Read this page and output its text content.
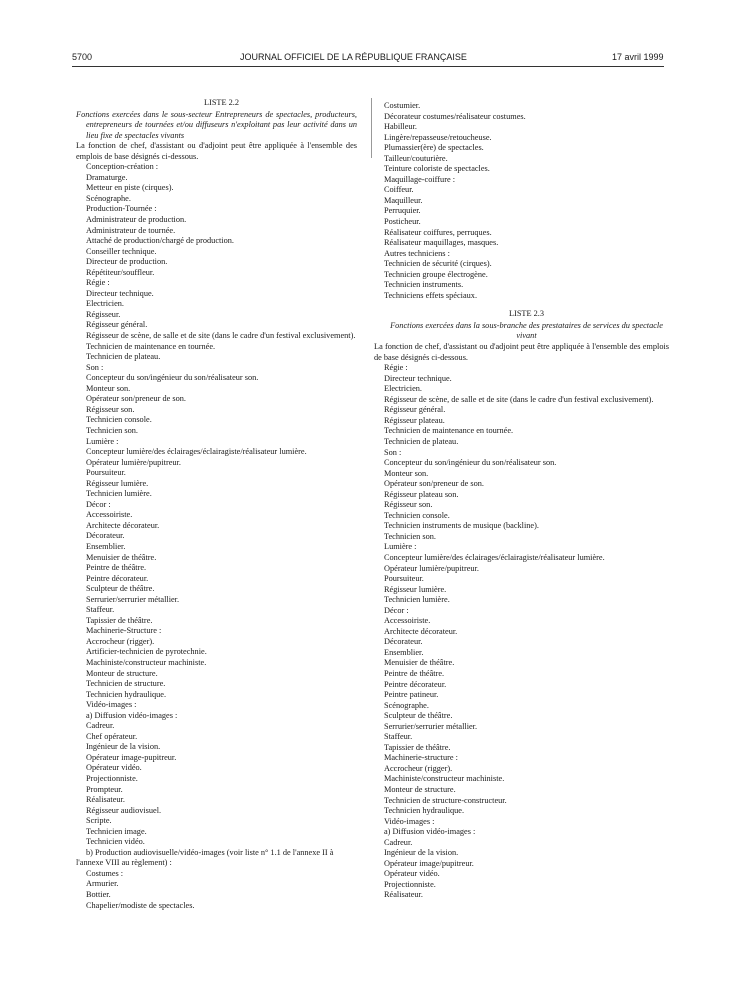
5700	JOURNAL OFFICIEL DE LA RÉPUBLIQUE FRANÇAISE	17 avril 1999
LISTE 2.2
Fonctions exercées dans le sous-secteur Entrepreneurs de spectacles, producteurs, entrepreneurs de tournées et/ou diffuseurs n'exploitant pas leur activité dans un lieu fixe de spectacles vivants
La fonction de chef, d'assistant ou d'adjoint peut être appliquée à l'ensemble des emplois de base désignés ci-dessous.
Conception-création :
Dramaturge.
Metteur en piste (cirques).
Scénographe.
Production-Tournée :
Administrateur de production.
Administrateur de tournée.
Attaché de production/chargé de production.
Conseiller technique.
Directeur de production.
Répétiteur/souffleur.
Régie :
Directeur technique.
Electricien.
Régisseur.
Régisseur général.
Régisseur de scène, de salle et de site (dans le cadre d'un festival exclusivement).
Technicien de maintenance en tournée.
Technicien de plateau.
Son :
Concepteur du son/ingénieur du son/réalisateur son.
Monteur son.
Opérateur son/preneur de son.
Régisseur son.
Technicien console.
Technicien son.
Lumière :
Concepteur lumière/des éclairages/éclairagiste/réalisateur lumière.
Opérateur lumière/pupitreur.
Poursuiteur.
Régisseur lumière.
Technicien lumière.
Décor :
Accessoiriste.
Architecte décorateur.
Décorateur.
Ensemblier.
Menuisier de théâtre.
Peintre de théâtre.
Peintre décorateur.
Sculpteur de théâtre.
Serrurier/serrurier métallier.
Staffeur.
Tapissier de théâtre.
Machinerie-Structure :
Accrocheur (rigger).
Artificier-technicien de pyrotechnie.
Machiniste/constructeur machiniste.
Monteur de structure.
Technicien de structure.
Technicien hydraulique.
Vidéo-images :
a) Diffusion vidéo-images :
Cadreur.
Chef opérateur.
Ingénieur de la vision.
Opérateur image-pupitreur.
Opérateur vidéo.
Projectionniste.
Prompteur.
Réalisateur.
Régisseur audiovisuel.
Scripte.
Technicien image.
Technicien vidéo.
b) Production audiovisuelle/vidéo-images (voir liste n° 1.1 de l'annexe II à l'annexe VIII au règlement) :
Costumes :
Armurier.
Bottier.
Chapelier/modiste de spectacles.
Costumier.
Décorateur costumes/réalisateur costumes.
Habilleur.
Lingère/repasseuse/retoucheuse.
Plumassier(ère) de spectacles.
Tailleur/couturière.
Teinture coloriste de spectacles.
Maquillage-coiffure :
Coiffeur.
Maquilleur.
Perruquier.
Posticheur.
Réalisateur coiffures, perruques.
Réalisateur maquillages, masques.
Autres techniciens :
Technicien de sécurité (cirques).
Technicien groupe électrogène.
Technicien instruments.
Techniciens effets spéciaux.
LISTE 2.3
Fonctions exercées dans la sous-branche des prestataires de services du spectacle vivant
La fonction de chef, d'assistant ou d'adjoint peut être appliquée à l'ensemble des emplois de base désignés ci-dessous.
Régie :
Directeur technique.
Electricien.
Régisseur de scène, de salle et de site (dans le cadre d'un festival exclusivement).
Régisseur général.
Régisseur plateau.
Technicien de maintenance en tournée.
Technicien de plateau.
Son :
Concepteur du son/ingénieur du son/réalisateur son.
Monteur son.
Opérateur son/preneur de son.
Régisseur plateau son.
Régisseur son.
Technicien console.
Technicien instruments de musique (backline).
Technicien son.
Lumière :
Concepteur lumière/des éclairages/éclairagiste/réalisateur lumière.
Opérateur lumière/pupitreur.
Poursuiteur.
Régisseur lumière.
Technicien lumière.
Décor :
Accessoiriste.
Architecte décorateur.
Décorateur.
Ensemblier.
Menuisier de théâtre.
Peintre de théâtre.
Peintre décorateur.
Peintre patineur.
Scénographe.
Sculpteur de théâtre.
Serrurier/serrurier métallier.
Staffeur.
Tapissier de théâtre.
Machinerie-structure :
Accrocheur (rigger).
Machiniste/constructeur machiniste.
Monteur de structure.
Technicien de structure-constructeur.
Technicien hydraulique.
Vidéo-images :
a) Diffusion vidéo-images :
Cadreur.
Ingénieur de la vision.
Opérateur image/pupitreur.
Opérateur vidéo.
Projectionniste.
Réalisateur.
